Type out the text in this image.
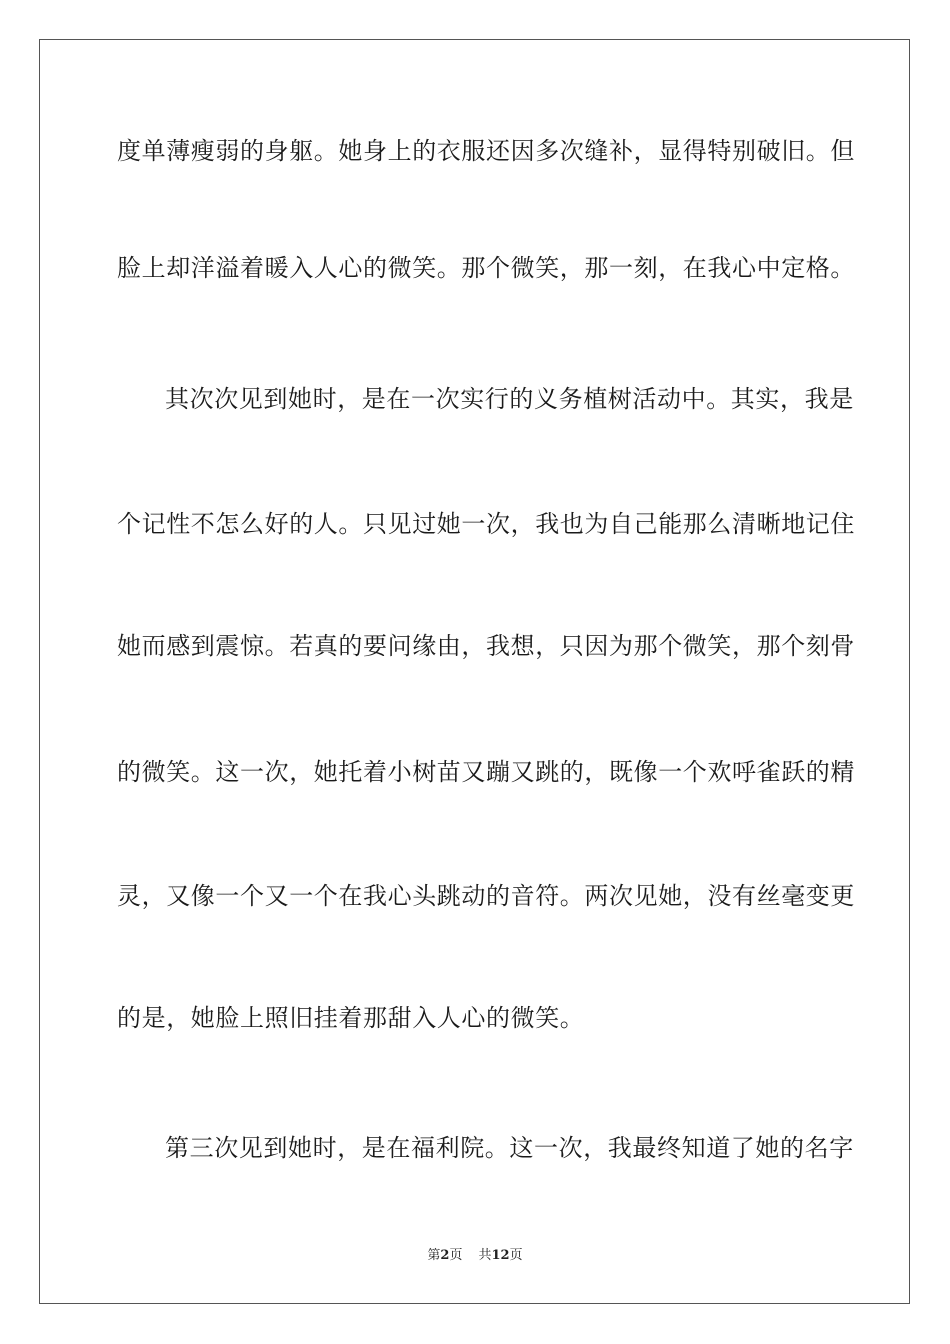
度单薄瘦弱的身躯。她身上的衣服还因多次缝补，显得特别破旧。但
脸上却洋溢着暖入人心的微笑。那个微笑，那一刻，在我心中定格。
其次次见到她时，是在一次实行的义务植树活动中。其实，我是
个记性不怎么好的人。只见过她一次，我也为自己能那么清晰地记住
她而感到震惊。若真的要问缘由，我想，只因为那个微笑，那个刻骨
的微笑。这一次，她托着小树苗又蹦又跳的，既像一个欢呼雀跃的精
灵，又像一个又一个在我心头跳动的音符。两次见她，没有丝毫变更
的是，她脸上照旧挂着那甜入人心的微笑。
第三次见到她时，是在福利院。这一次，我最终知道了她的名字
第2页 共12页
